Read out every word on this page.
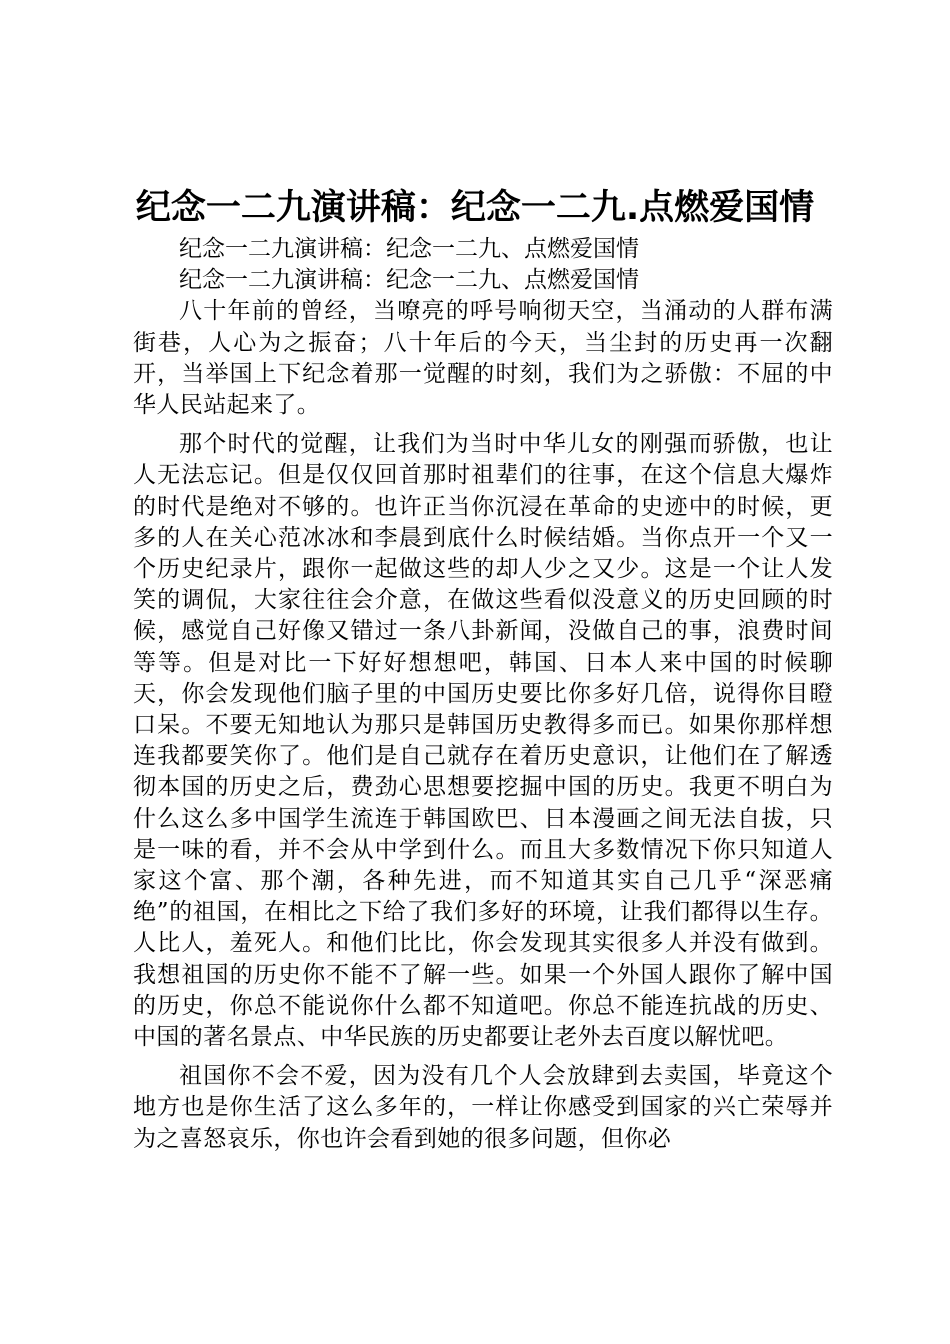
纪念一二九演讲稿：纪念一二九.点燃爱国情

纪念一二九演讲稿：纪念一二九、点燃爱国情

纪念一二九演讲稿：纪念一二九、点燃爱国情

八十年前的曾经，当嘹亮的呼号响彻天空，当涌动的人群布满街巷，人心为之振奋；八十年后的今天，当尘封的历史再一次翻开，当举国上下纪念着那一觉醒的时刻，我们为之骄傲：不屈的中华人民站起来了。

那个时代的觉醒，让我们为当时中华儿女的刚强而骄傲，也让人无法忘记。但是仅仅回首那时祖辈们的往事，在这个信息大爆炸的时代是绝对不够的。也许正当你沉浸在革命的史迹中的时候，更多的人在关心范冰冰和李晨到底什么时候结婚。当你点开一个又一个历史纪录片，跟你一起做这些的却人少之又少。这是一个让人发笑的调侃，大家往往会介意，在做这些看似没意义的历史回顾的时候，感觉自己好像又错过一条八卦新闻，没做自己的事，浪费时间等等。但是对比一下好好想想吧，韩国、日本人来中国的时候聊天，你会发现他们脑子里的中国历史要比你多好几倍，说得你目瞪口呆。不要无知地认为那只是韩国历史教得多而已。如果你那样想连我都要笑你了。他们是自己就存在着历史意识，让他们在了解透彻本国的历史之后，费劲心思想要挖掘中国的历史。我更不明白为什么这么多中国学生流连于韩国欧巴、日本漫画之间无法自拔，只是一味的看，并不会从中学到什么。而且大多数情况下你只知道人家这个富、那个潮，各种先进，而不知道其实自己几乎“深恶痛绝”的祖国，在相比之下给了我们多好的环境，让我们都得以生存。人比人，羞死人。和他们比比，你会发现其实很多人并没有做到。我想祖国的历史你不能不了解一些。如果一个外国人跟你了解中国的历史，你总不能说你什么都不知道吧。你总不能连抗战的历史、中国的著名景点、中华民族的历史都要让老外去百度以解忧吧。

祖国你不会不爱，因为没有几个人会放肆到去卖国，毕竟这个地方也是你生活了这么多年的，一样让你感受到国家的兴亡荣辱并为之喜怒哀乐，你也许会看到她的很多问题，但你必
